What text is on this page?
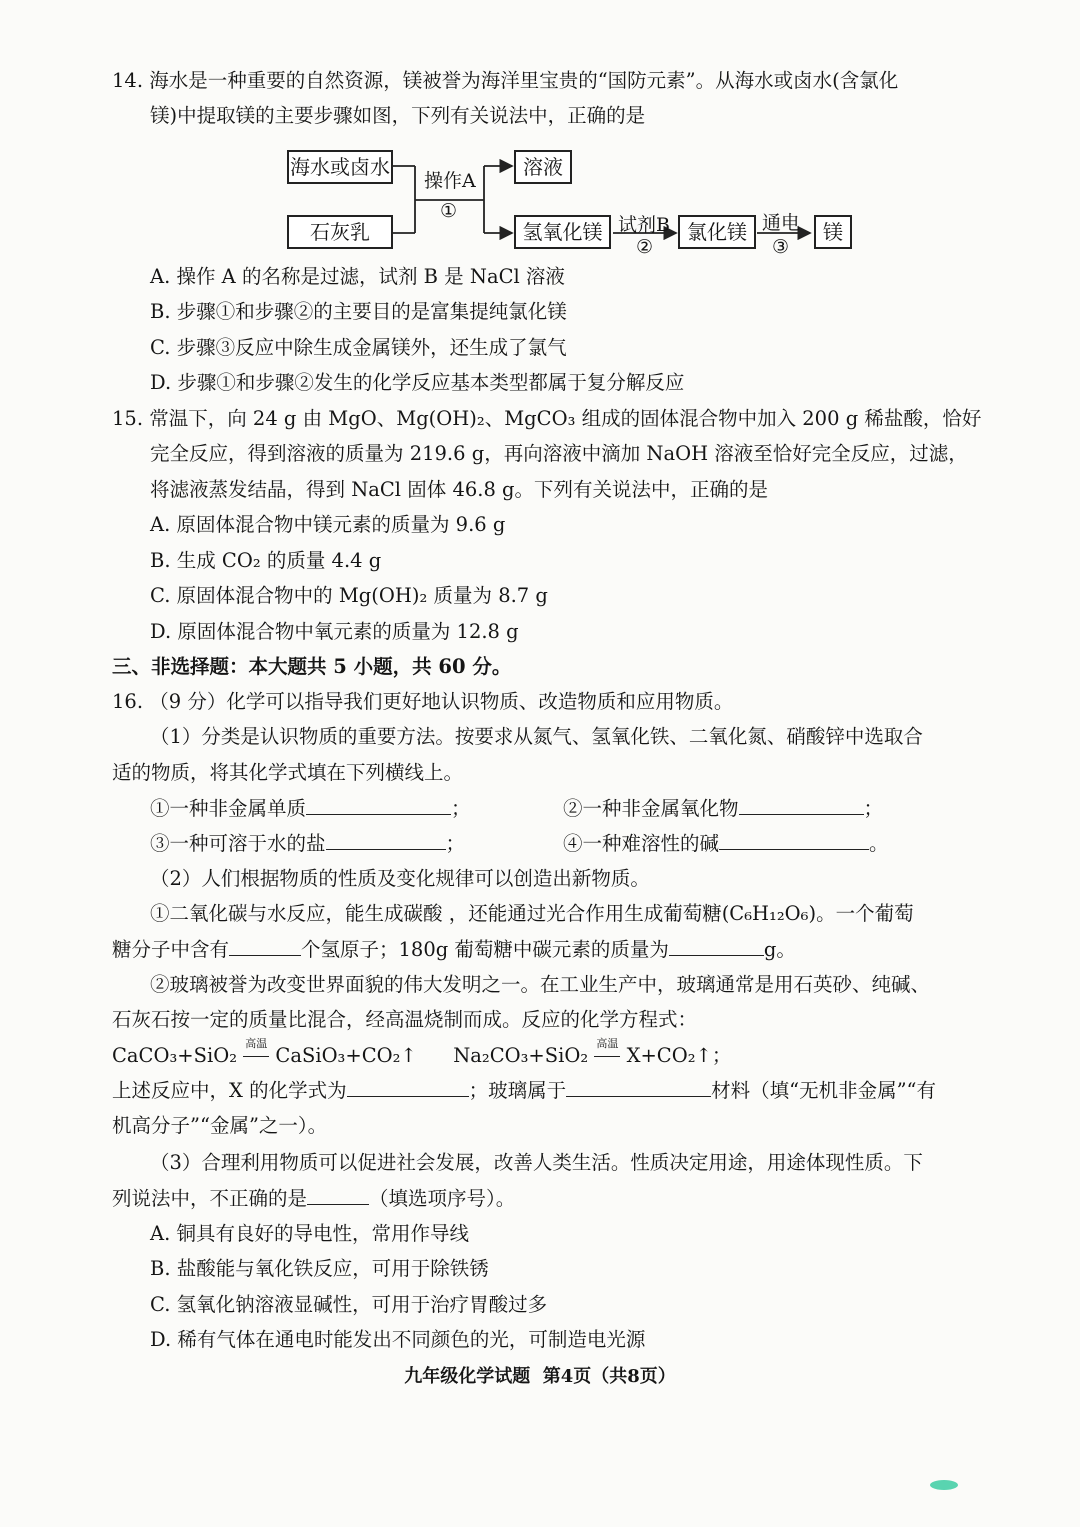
14. 海水是一种重要的自然资源，镁被誉为海洋里宝贵的“国防元素”。从海水或卤水(含氯化
镁)中提取镁的主要步骤如图，下列有关说法中，正确的是
海水或卤水
石灰乳
操作A
①
溶液
氢氧化镁 试剂B
②
氯化镁 通电
③
镁
A. 操作 A 的名称是过滤，试剂 B 是 NaCl 溶液
B. 步骤①和步骤②的主要目的是富集提纯氯化镁
C. 步骤③反应中除生成金属镁外，还生成了氯气
D. 步骤①和步骤②发生的化学反应基本类型都属于复分解反应
15. 常温下，向 24 g 由 MgO、Mg(OH)₂、MgCO₃ 组成的固体混合物中加入 200 g 稀盐酸，恰好
完全反应，得到溶液的质量为 219.6 g，再向溶液中滴加 NaOH 溶液至恰好完全反应，过滤，
将滤液蒸发结晶，得到 NaCl 固体 46.8 g。下列有关说法中，正确的是
A. 原固体混合物中镁元素的质量为 9.6 g
B. 生成 CO₂ 的质量 4.4 g
C. 原固体混合物中的 Mg(OH)₂ 质量为 8.7 g
D. 原固体混合物中氧元素的质量为 12.8 g
三、非选择题：本大题共 5 小题，共 60 分。
16. （9 分）化学可以指导我们更好地认识物质、改造物质和应用物质。
（1）分类是认识物质的重要方法。按要求从氮气、氢氧化铁、二氧化氮、硝酸锌中选取合
适的物质，将其化学式填在下列横线上。
①一种非金属单质	；	②一种非金属氧化物	；
③一种可溶于水的盐	；	④一种难溶性的碱	。
（2）人们根据物质的性质及变化规律可以创造出新物质。
①二氧化碳与水反应，能生成碳酸 ，还能通过光合作用生成葡萄糖(C₆H₁₂O₆)。一个葡萄
糖分子中含有	个氢原子；180g 葡萄糖中碳元素的质量为	g。
②玻璃被誉为改变世界面貌的伟大发明之一。在工业生产中，玻璃通常是用石英砂、纯碱、
石灰石按一定的质量比混合，经高温烧制而成。反应的化学方程式：
CaCO₃+SiO₂
高温
CaSiO₃+CO₂↑ Na₂CO₃+SiO₂
高温
X+CO₂↑；
上述反应中，X 的化学式为	；玻璃属于	材料（填“无机非金属”“有
机高分子”“金属”之一）。
（3）合理利用物质可以促进社会发展，改善人类生活。性质决定用途，用途体现性质。下
列说法中，不正确的是	（填选项序号）。
A. 铜具有良好的导电性，常用作导线
B. 盐酸能与氧化铁反应，可用于除铁锈
C. 氢氧化钠溶液显碱性，可用于治疗胃酸过多
D. 稀有气体在通电时能发出不同颜色的光，可制造电光源
九年级化学试题  第4页（共8页）
